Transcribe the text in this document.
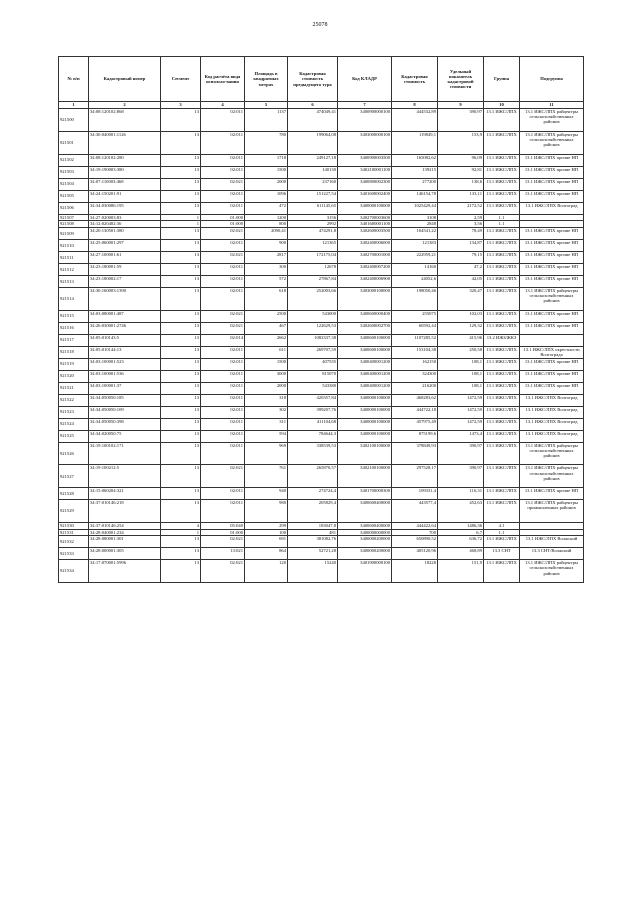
25078
№ п/п	Кадастровый номер	Сегмент	Код расчёта вида использо-вания	Площадь в квадратных метрах	Кадастровая стоимость предыдущего тура	Код КЛАДР	Кадастровая стоимость	Удельный показатель кадастровой стоимости	Группа	Подгруппа
1	2	3	4	5	6	7	8	9	10	11
921500	34:08:120102:868	13	02:011	1137	474049,41	3400900000100	444532,89	390,97	13.1 ИЖС/ЛПХ	13.1 ИЖС/ЛПХ райцентры сельскохозяйственных районов
921501	34:30:040001:1126	13	02:011	780	199064,08	3403000000100	119849,1	153,9	13.1 ИЖС/ЛПХ	13.1 ИЖС/ЛПХ райцентры сельскохозяйственных районов
921502	34:08:120102:280	13	02:011	1718	249127,18	3400900003500	165082,62	96,09	13.1 ИЖС/ЛПХ	13.1 ИЖС/ЛПХ прочие НП
921503	34:19:190003:380	13	02:011	1500	140130	3402100001100	139215	92,81	13.1 ИЖС/ЛПХ	13.1 ИЖС/ЛПХ прочие НП
921504	34:07:110003:468	13	02:021	2000	237160	3400800002300	277200	138,6	13.1 ИЖС/ЛПХ	13.1 ИЖС/ЛПХ прочие НП
921505	34:24:150201:91	13	02:011	1096	151227,54	3401600002400	146154,78	133,11	13.1 ИЖС/ЛПХ	13.1 ИЖС/ЛПХ прочие НП
921506	34:34:030086:195	13	02:011	472	611145,65	3400000100000	1025429,44	2172,52	13.1 ИЖС/ЛПХ	13.1 ИЖС/ЛПХ Волгоград
921507	34:27:020003:83	1	01:000	1200	3156	3402700003600	3108	2,59	1.1	
921508	34:12:020402:36	1	01:000	800	2992	3401600001100	2848	3,56	1.1	
921509	34:20:130501:380	13	02:021	2090,41	474291,8	3402600003500	164541,22	78,49	13.1 ИЖС/ЛПХ	13.1 ИЖС/ЛПХ прочие НП
921510	34:25:060001:297	13	02:011	900	121365	3402400006000	121383	134,87	13.1 ИЖС/ЛПХ	13.1 ИЖС/ЛПХ прочие НП
921511	34:27:100001:61	13	02:021	2817	172175,04	3402700001000	222959,21	79,15	13.1 ИЖС/ЛПХ	13.1 ИЖС/ЛПХ прочие НП
921512	34:23:180001:59	13	02:011	300	12678	3402400007200	14160	47,2	13.1 ИЖС/ЛПХ	13.1 ИЖС/ЛПХ прочие НП
921513	34:23:180002:17	13	02:011	572	27867,84	3402400006900	24052,6	42,05	13.1 ИЖС/ЛПХ	13.1 ИЖС/ЛПХ прочие НП
921514	34:30:160003:1390	13	02:011	618	252003,66	3403000100000	198050,46	320,47	13.1 ИЖС/ЛПХ	13.1 ИЖС/ЛПХ райцентры сельскохозяйственных районов
921515	34:03:080001:487	13	02:021	2500	543000	3400600000400	255075	102,03	13.1 ИЖС/ЛПХ	13.1 ИЖС/ЛПХ прочие НП
921516	34:26:030001:2746	13	02:021	467	122629,53	3402600002700	60592,44	129,32	13.1 ИЖС/ЛПХ	13.1 ИЖС/ЛПХ прочие НП
921517	34:05:010143:5	13	02:014	2662	1082337,38	3400600100000	1107285,52	415,96	13.2 ИЖЗ/ЖКЗ	
921518	34:05:010144:13	13	02:011	611	269707,59	3400600100000	153104,38	250,58	13.1 ИЖС/ЛПХ	13.1 ИЖС/ЛПХ окрестности Волгограда
921519	34:03:100001:523	13	02:011	1500	407535	3400400001200	162150	108,1	13.1 ИЖС/ЛПХ	13.1 ИЖС/ЛПХ прочие НП
921520	34:03:100001:536	13	02:011	3000	815070	3400400001200	324300	108,1	13.1 ИЖС/ЛПХ	13.1 ИЖС/ЛПХ прочие НП
921521	34:03:100001:37	13	02:011	2000	543380	3400400001200	216200	108,1	13.1 ИЖС/ЛПХ	13.1 ИЖС/ЛПХ прочие НП
921522	34:34:050050:185	13	02:011	318	420357,84	3400000100000	468283,62	1472,59	13.1 ИЖС/ЛПХ	13.1 ИЖС/ЛПХ Волгоград
921523	34:34:050050:109	13	02:011	302	399207,76	3400000100000	444722,18	1472,59	13.1 ИЖС/ЛПХ	13.1 ИЖС/ЛПХ Волгоград
921524	34:34:050050:398	13	02:011	311	411104,68	3400000100000	457975,49	1472,59	13.1 ИЖС/ЛПХ	13.1 ИЖС/ЛПХ Волгоград
921525	34:34:020050:75	13	02:011	594	784644,3	3400000100000	875199,6	1473,4	13.1 ИЖС/ЛПХ	13.1 ИЖС/ЛПХ Волгоград
921526	34:19:100102:171	13	02:011	969	338539,53	3402100100000	378849,93	390,97	13.1 ИЖС/ЛПХ	13.1 ИЖС/ЛПХ райцентры сельскохозяйственных районов
921527	34:19:100212:5	13	02:021	761	265870,57	3402100100000	297528,17	390,97	13.1 ИЖС/ЛПХ	13.1 ИЖС/ЛПХ райцентры сельскохозяйственных районов
921528	34:15:060204:321	13	02:011	940	274724,4	3401700000300	109331,4	116,31	13.1 ИЖС/ЛПХ	13.1 ИЖС/ЛПХ прочие НП
921529	34:37:010146:218	13	02:011	980	205829,4	3400600400000	443577,4	452,63	13.1 ИЖС/ЛПХ	13.1 ИЖС/ЛПХ райцентры промышленных районов
921530	34:37:010146:254	4	05:040	299	183047,8	3400600400000	444422,64	1486,36	4.1	
921531	34:28:040001:234	1	01:000	100	481	3400000000000	700	6,7	1.1	
921532	34:28:080001:301	13	02:021	691	381082,76	3400000200000	650890,52	636,72	13.1 ИЖС/ЛПХ	13.1 ИЖС/ЛПХ Волжский
921533	34:28:000001:305	13	13:021	864	52721,28	3400000200000	405120,96	468,89	13.3 СНТ	13.3 СНТ/Волжский
921534	34:17:070001:5996	13	02:021	120	15240	3401900000100	18228	151,9	13.1 ИЖС/ЛПХ	13.1 ИЖС/ЛПХ райцентры сельскохозяйственных районов
